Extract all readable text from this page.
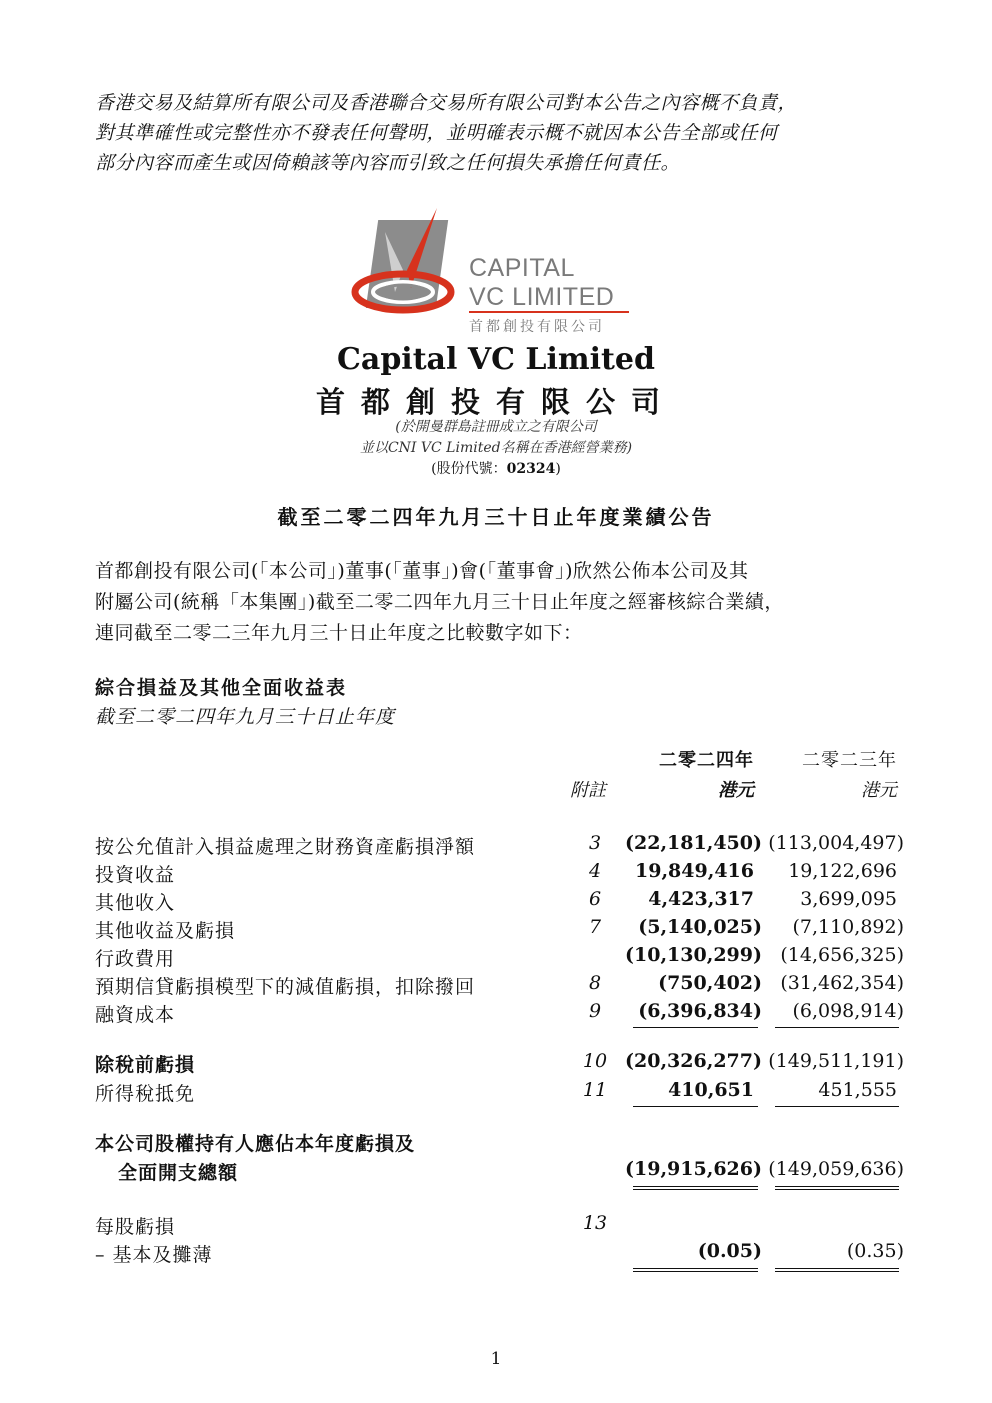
香港交易及結算所有限公司及香港聯合交易所有限公司對本公告之內容概不負責，
對其準確性或完整性亦不發表任何聲明，並明確表示概不就因本公告全部或任何
部分內容而產生或因倚賴該等內容而引致之任何損失承擔任何責任。
CAPITAL
VC LIMITED
首都創投有限公司
Capital VC Limited
首都創投有限公司
(於開曼群島註冊成立之有限公司
並以CNI VC Limited名稱在香港經營業務)
(股份代號：02324)
截至二零二四年九月三十日止年度業績公告
首都創投有限公司(「本公司」)董事(「董事」)會(「董事會」)欣然公佈本公司及其
附屬公司(統稱「本集團」)截至二零二四年九月三十日止年度之經審核綜合業績，
連同截至二零二三年九月三十日止年度之比較數字如下：
綜合損益及其他全面收益表
截至二零二四年九月三十日止年度
二零二四年	二零二三年
附註	港元	港元
按公允值計入損益處理之財務資產虧損淨額	3	(22,181,450) (113,004,497)
投資收益	4	19,849,416 19,122,696
其他收入	6	4,423,317 3,699,095
其他收益及虧損	7	(5,140,025) (7,110,892)
行政費用	(10,130,299) (14,656,325)
預期信貸虧損模型下的減值虧損，扣除撥回	8	(750,402) (31,462,354)
融資成本	9	(6,396,834) (6,098,914)
除稅前虧損	10 (20,326,277) (149,511,191)
所得稅抵免	11	410,651	451,555
本公司股權持有人應佔本年度虧損及
全面開支總額	(19,915,626) (149,059,636)
每股虧損	13
– 基本及攤薄	(0.05)	(0.35)
1
